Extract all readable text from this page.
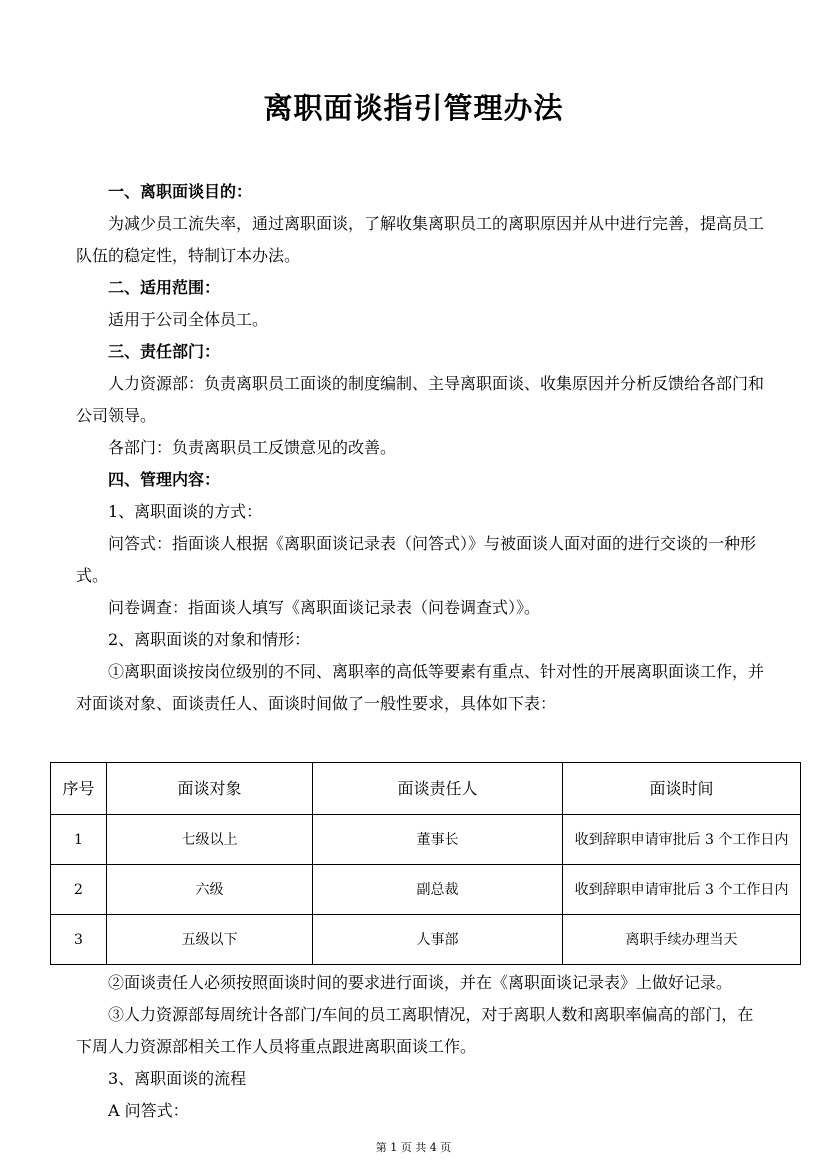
离职面谈指引管理办法

一、离职面谈目的：

为减少员工流失率，通过离职面谈，了解收集离职员工的离职原因并从中进行完善，提高员工队伍的稳定性，特制订本办法。

二、适用范围：

适用于公司全体员工。

三、责任部门：

人力资源部：负责离职员工面谈的制度编制、主导离职面谈、收集原因并分析反馈给各部门和公司领导。

各部门：负责离职员工反馈意见的改善。

四、管理内容：

1、离职面谈的方式：

问答式：指面谈人根据《离职面谈记录表（问答式）》与被面谈人面对面的进行交谈的一种形式。

问卷调查：指面谈人填写《离职面谈记录表（问卷调查式）》。

2、离职面谈的对象和情形：

①离职面谈按岗位级别的不同、离职率的高低等要素有重点、针对性的开展离职面谈工作，并对面谈对象、面谈责任人、面谈时间做了一般性要求，具体如下表：

序号	面谈对象	面谈责任人	面谈时间
1	七级以上	董事长	收到辞职申请审批后 3 个工作日内
2	六级	副总裁	收到辞职申请审批后 3 个工作日内
3	五级以下	人事部	离职手续办理当天

②面谈责任人必须按照面谈时间的要求进行面谈，并在《离职面谈记录表》上做好记录。

③人力资源部每周统计各部门/车间的员工离职情况，对于离职人数和离职率偏高的部门，在下周人力资源部相关工作人员将重点跟进离职面谈工作。

3、离职面谈的流程

A 问答式：

第 1 页 共 4 页
